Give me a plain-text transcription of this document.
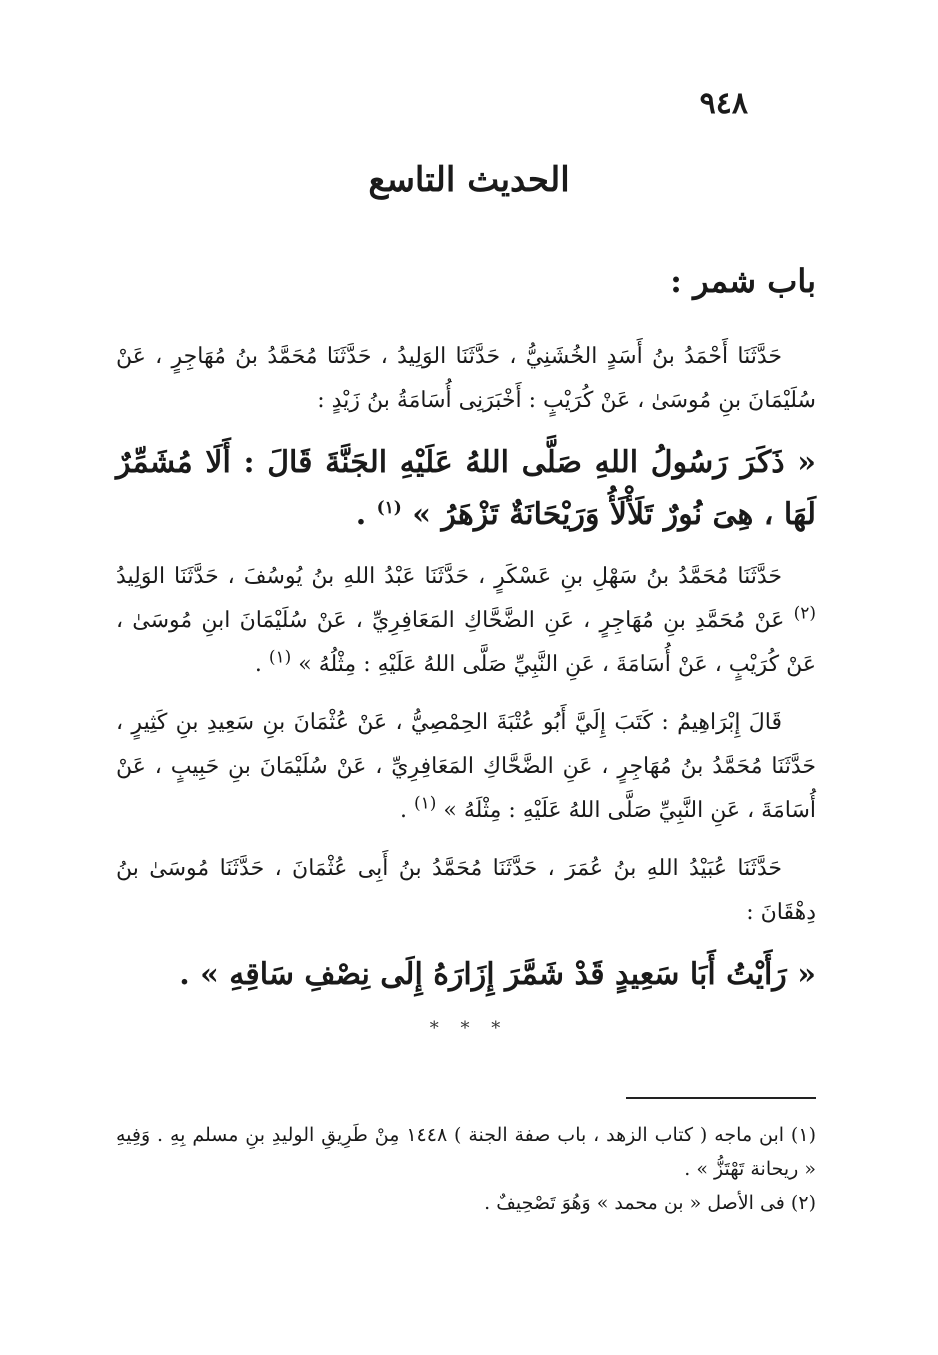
٩٤٨
الحديث التاسع
باب شمر :

حَدَّثَنَا أَحْمَدُ بنُ أَسَدٍ الخُشَنِيُّ ، حَدَّثَنَا الوَلِيدُ ، حَدَّثَنَا مُحَمَّدُ بنُ مُهَاجِرٍ ، عَنْ سُلَيْمَانَ بنِ مُوسَىٰ ، عَنْ كُرَيْبٍ : أَخْبَرَنِى أُسَامَةُ بنُ زَيْدٍ :

« ذَكَرَ رَسُولُ اللهِ صَلَّى اللهُ عَلَيْهِ الجَنَّةَ قَالَ : أَلَا مُشَمِّرٌ لَهَا ، هِىَ نُورٌ تَلَأْلَأُ وَرَيْحَانَةٌ تَزْهَرُ » $^{(١)}$ .

حَدَّثَنَا مُحَمَّدُ بنُ سَهْلِ بنِ عَسْكَرٍ ، حَدَّثَنَا عَبْدُ اللهِ بنُ يُوسُفَ ، حَدَّثَنَا الوَلِيدُ $^{(٢)}$ عَنْ مُحَمَّدِ بنِ مُهَاجِرٍ ، عَنِ الضَّحَّاكِ المَعَافِرِيِّ ، عَنْ سُلَيْمَانَ ابنِ مُوسَىٰ ، عَنْ كُرَيْبٍ ، عَنْ أُسَامَةَ ، عَنِ النَّبِيِّ صَلَّى اللهُ عَلَيْهِ : مِثْلُهُ » $^{(١)}$ .

قَالَ إِبْرَاهِيمُ : كَتَبَ إِلَيَّ أَبُو عُتْبَةَ الحِمْصِيُّ ، عَنْ عُثْمَانَ بنِ سَعِيدِ بنِ كَثِيرٍ ، حَدَّثَنَا مُحَمَّدُ بنُ مُهَاجِرٍ ، عَنِ الضَّحَّاكِ المَعَافِرِيِّ ، عَنْ سُلَيْمَانَ بنِ حَبِيبٍ ، عَنْ أُسَامَةَ ، عَنِ النَّبِيِّ صَلَّى اللهُ عَلَيْهِ : مِثْلَهُ » $^{(١)}$ .

حَدَّثَنَا عُبَيْدُ اللهِ بنُ عُمَرَ ، حَدَّثَنَا مُحَمَّدُ بنُ أَبِى عُثْمَانَ ، حَدَّثَنَا مُوسَىٰ بنُ دِهْقَانَ :

« رَأَيْتُ أَبَا سَعِيدٍ قَدْ شَمَّرَ إِزَارَهُ إِلَى نِصْفِ سَاقِهِ » .

* * *

(١) ابن ماجه ( كتاب الزهد ، باب صفة الجنة ) ١٤٤٨ مِنْ طَرِيقِ الوليدِ بنِ مسلم بِهِ . وَفِيهِ « ريحانة تَهْتَزُّ » .

(٢) فى الأصل « بن محمد » وَهُوَ تَصْحِيفٌ .
